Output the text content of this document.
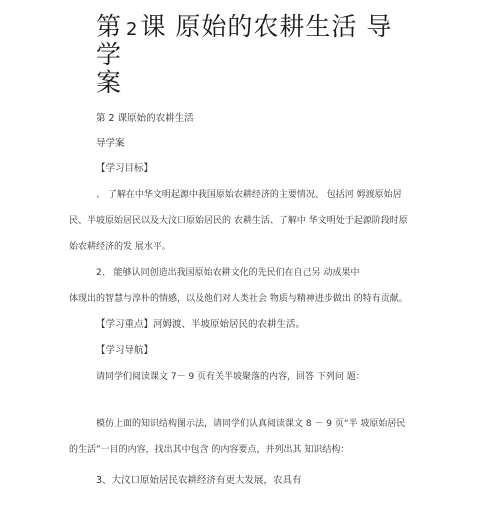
第 2课 原始的农耕生活 导
学
案
第 2 课原始的农耕生活
导学案
【学习目标】
、 了解在中华文明起源中我国原始农耕经济的主要情况、 包括河 姆渡原始居
民、半坡原始居民以及大汶口原始居民的 农耕生活、了解中 华文明处于起源阶段时原
始农耕经济的发 展水平。
2、 能够认同创造出我国原始农耕文化的先民们在自己另 动成果中
体现出的智慧与淳朴的情感，以及他们对人类社会 物质与精神进步做出 的特有贡献。
【学习重点】河姆渡、半坡原始居民的农耕生活。
【学习导航】
请同学们阅读课文 7－ 9 页有关半坡聚落的内容，回答 下列问 题：
模仿上面的知识结构图示法，请同学们认真阅读课文 8 － 9 页“半 坡原始居民
的生活”一目的内容，找出其中包含 的内容要点，并列出其 知识结构：
3、大汶口原始居民农耕经济有更大发展，农具有
